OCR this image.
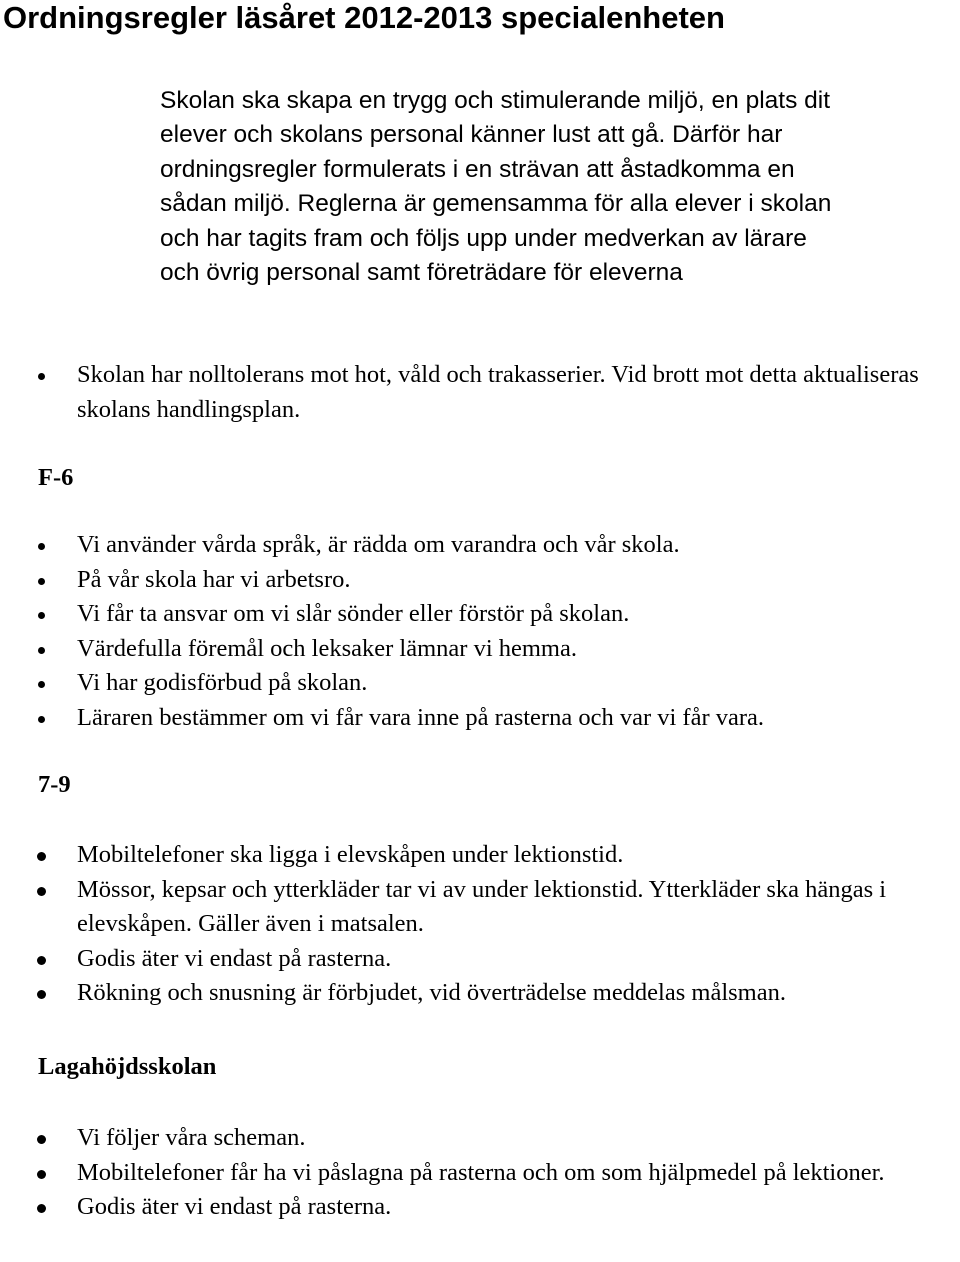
Ordningsregler läsåret 2012-2013 specialenheten

Skolan ska skapa en trygg och stimulerande miljö, en plats dit elever och skolans personal känner lust att gå. Därför har ordningsregler formulerats i en strävan att åstadkomma en sådan miljö. Reglerna är gemensamma för alla elever i skolan och har tagits fram och följs upp under medverkan av lärare och övrig personal samt företrädare för eleverna

Skolan har nolltolerans mot hot, våld och trakasserier. Vid brott mot detta aktualiseras skolans handlingsplan.
F-6
Vi använder vårda språk, är rädda om varandra och vår skola.
På vår skola har vi arbetsro.
Vi får ta ansvar om vi slår sönder eller förstör på skolan.
Värdefulla föremål och leksaker lämnar vi hemma.
Vi har godisförbud på skolan.
Läraren bestämmer om vi får vara inne på rasterna och var vi får vara.
7-9
Mobiltelefoner ska ligga i elevskåpen under lektionstid.
Mössor, kepsar och ytterkläder tar vi av under lektionstid. Ytterkläder ska hängas i elevskåpen. Gäller även i matsalen.
Godis äter vi endast på rasterna.
Rökning och snusning är förbjudet, vid överträdelse meddelas målsman.
Lagahöjdsskolan
Vi följer våra scheman.
Mobiltelefoner får ha vi påslagna på rasterna och om som hjälpmedel på lektioner.
Godis äter vi endast på rasterna.
